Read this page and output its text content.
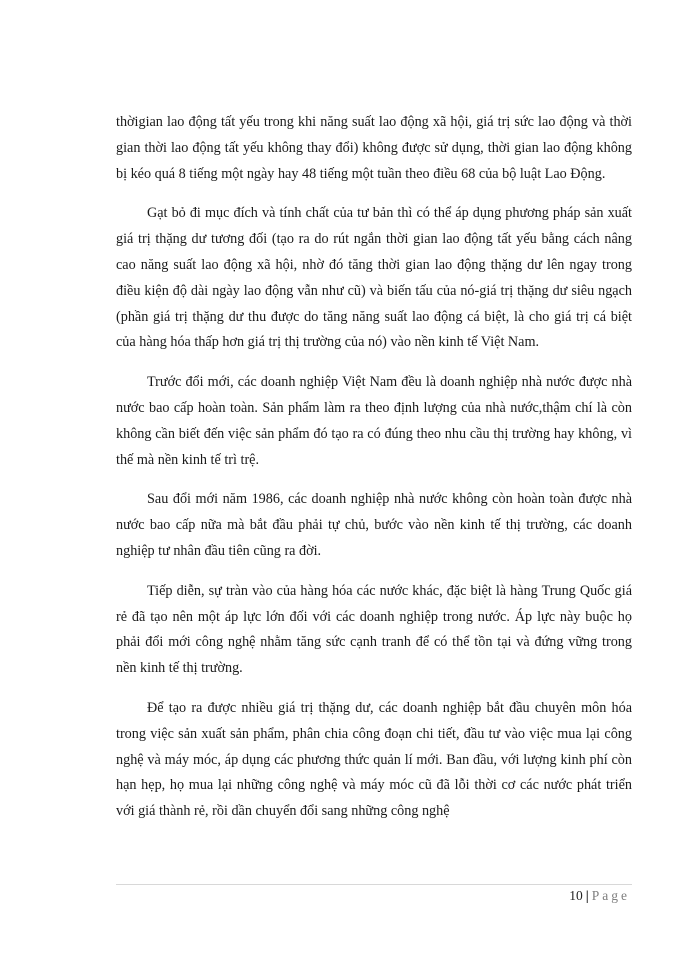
thờigian lao động tất yếu trong khi năng suất lao động xã hội, giá trị sức lao động và thời gian thời lao động tất yếu không thay đổi) không được sử dụng, thời gian lao động không bị kéo quá 8 tiếng một ngày hay 48 tiếng một tuần theo điều 68 của bộ luật Lao Động.

Gạt bỏ đi mục đích và tính chất của tư bản thì có thể áp dụng phương pháp sản xuất giá trị thặng dư tương đối (tạo ra do rút ngắn thời gian lao động tất yếu bằng cách nâng cao năng suất lao động xã hội, nhờ đó tăng thời gian lao động thặng dư lên ngay trong điều kiện độ dài ngày lao động vẫn như cũ) và biến tấu của nó-giá trị thặng dư siêu ngạch (phần giá trị thặng dư thu được do tăng năng suất lao động cá biệt, là cho giá trị cá biệt của hàng hóa thấp hơn giá trị thị trường của nó) vào nền kinh tế Việt Nam.

Trước đổi mới, các doanh nghiệp Việt Nam đều là doanh nghiệp nhà nước được nhà nước bao cấp hoàn toàn. Sản phẩm làm ra theo định lượng của nhà nước,thậm chí là còn không cần biết đến việc sản phẩm đó tạo ra có đúng theo nhu cầu thị trường hay không, vì thế mà nền kinh tế trì trệ.

Sau đổi mới năm 1986, các doanh nghiệp nhà nước không còn hoàn toàn được nhà nước bao cấp nữa mà bắt đầu phải tự chủ, bước vào nền kinh tế thị trường, các doanh nghiệp tư nhân đầu tiên cũng ra đời.

Tiếp diễn, sự tràn vào của hàng hóa các nước khác, đặc biệt là hàng Trung Quốc giá rẻ đã tạo nên một áp lực lớn đối với các doanh nghiệp trong nước. Áp lực này buộc họ phải đổi mới công nghệ nhằm tăng sức cạnh tranh để có thể tồn tại và đứng vững trong nền kinh tế thị trường.

Để tạo ra được nhiều giá trị thặng dư, các doanh nghiệp bắt đầu chuyên môn hóa trong việc sản xuất sản phẩm, phân chia công đoạn chi tiết, đầu tư vào việc mua lại công nghệ và máy móc, áp dụng các phương thức quản lí mới. Ban đầu, với lượng kinh phí còn hạn hẹp, họ mua lại những công nghệ và máy móc cũ đã lỗi thời cơ các nước phát triển với giá thành rẻ, rồi dần chuyển đổi sang những công nghệ

10 | Page
